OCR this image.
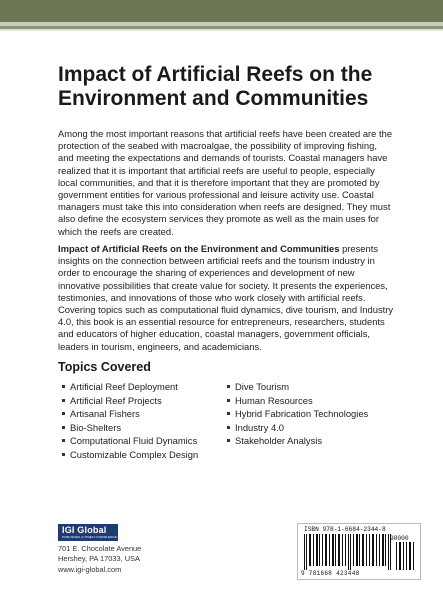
Impact of Artificial Reefs on the
Environment and Communities
Among the most important reasons that artificial reefs have been created are the protection of the seabed with macroalgae, the possibility of improving fishing, and meeting the expectations and demands of tourists. Coastal managers have realized that it is important that artificial reefs are useful to people, especially local communities, and that it is therefore important that they are promoted by government entities for various professional and leisure activity use. Coastal managers must take this into consideration when reefs are designed. They must also define the ecosystem services they promote as well as the main uses for which the reefs are created.
Impact of Artificial Reefs on the Environment and Communities presents insights on the connection between artificial reefs and the tourism industry in order to encourage the sharing of experiences and development of new innovative possibilities that create value for society. It presents the experiences, testimonies, and innovations of those who work closely with artificial reefs. Covering topics such as computational fluid dynamics, dive tourism, and Industry 4.0, this book is an essential resource for entrepreneurs, researchers, students and educators of higher education, coastal managers, government officials, leaders in tourism, engineers, and academicians.
Topics Covered
Artificial Reef Deployment
Artificial Reef Projects
Artisanal Fishers
Bio-Shelters
Computational Fluid Dynamics
Customizable Complex Design
Dive Tourism
Human Resources
Hybrid Fabrication Technologies
Industry 4.0
Stakeholder Analysis
IGI Global
PUBLISHER of TIMELY KNOWLEDGE
701 E. Chocolate Avenue
Hershey, PA 17033, USA
www.igi-global.com
ISBN 978-1-6684-2344-8
90000
9 781668 423448
